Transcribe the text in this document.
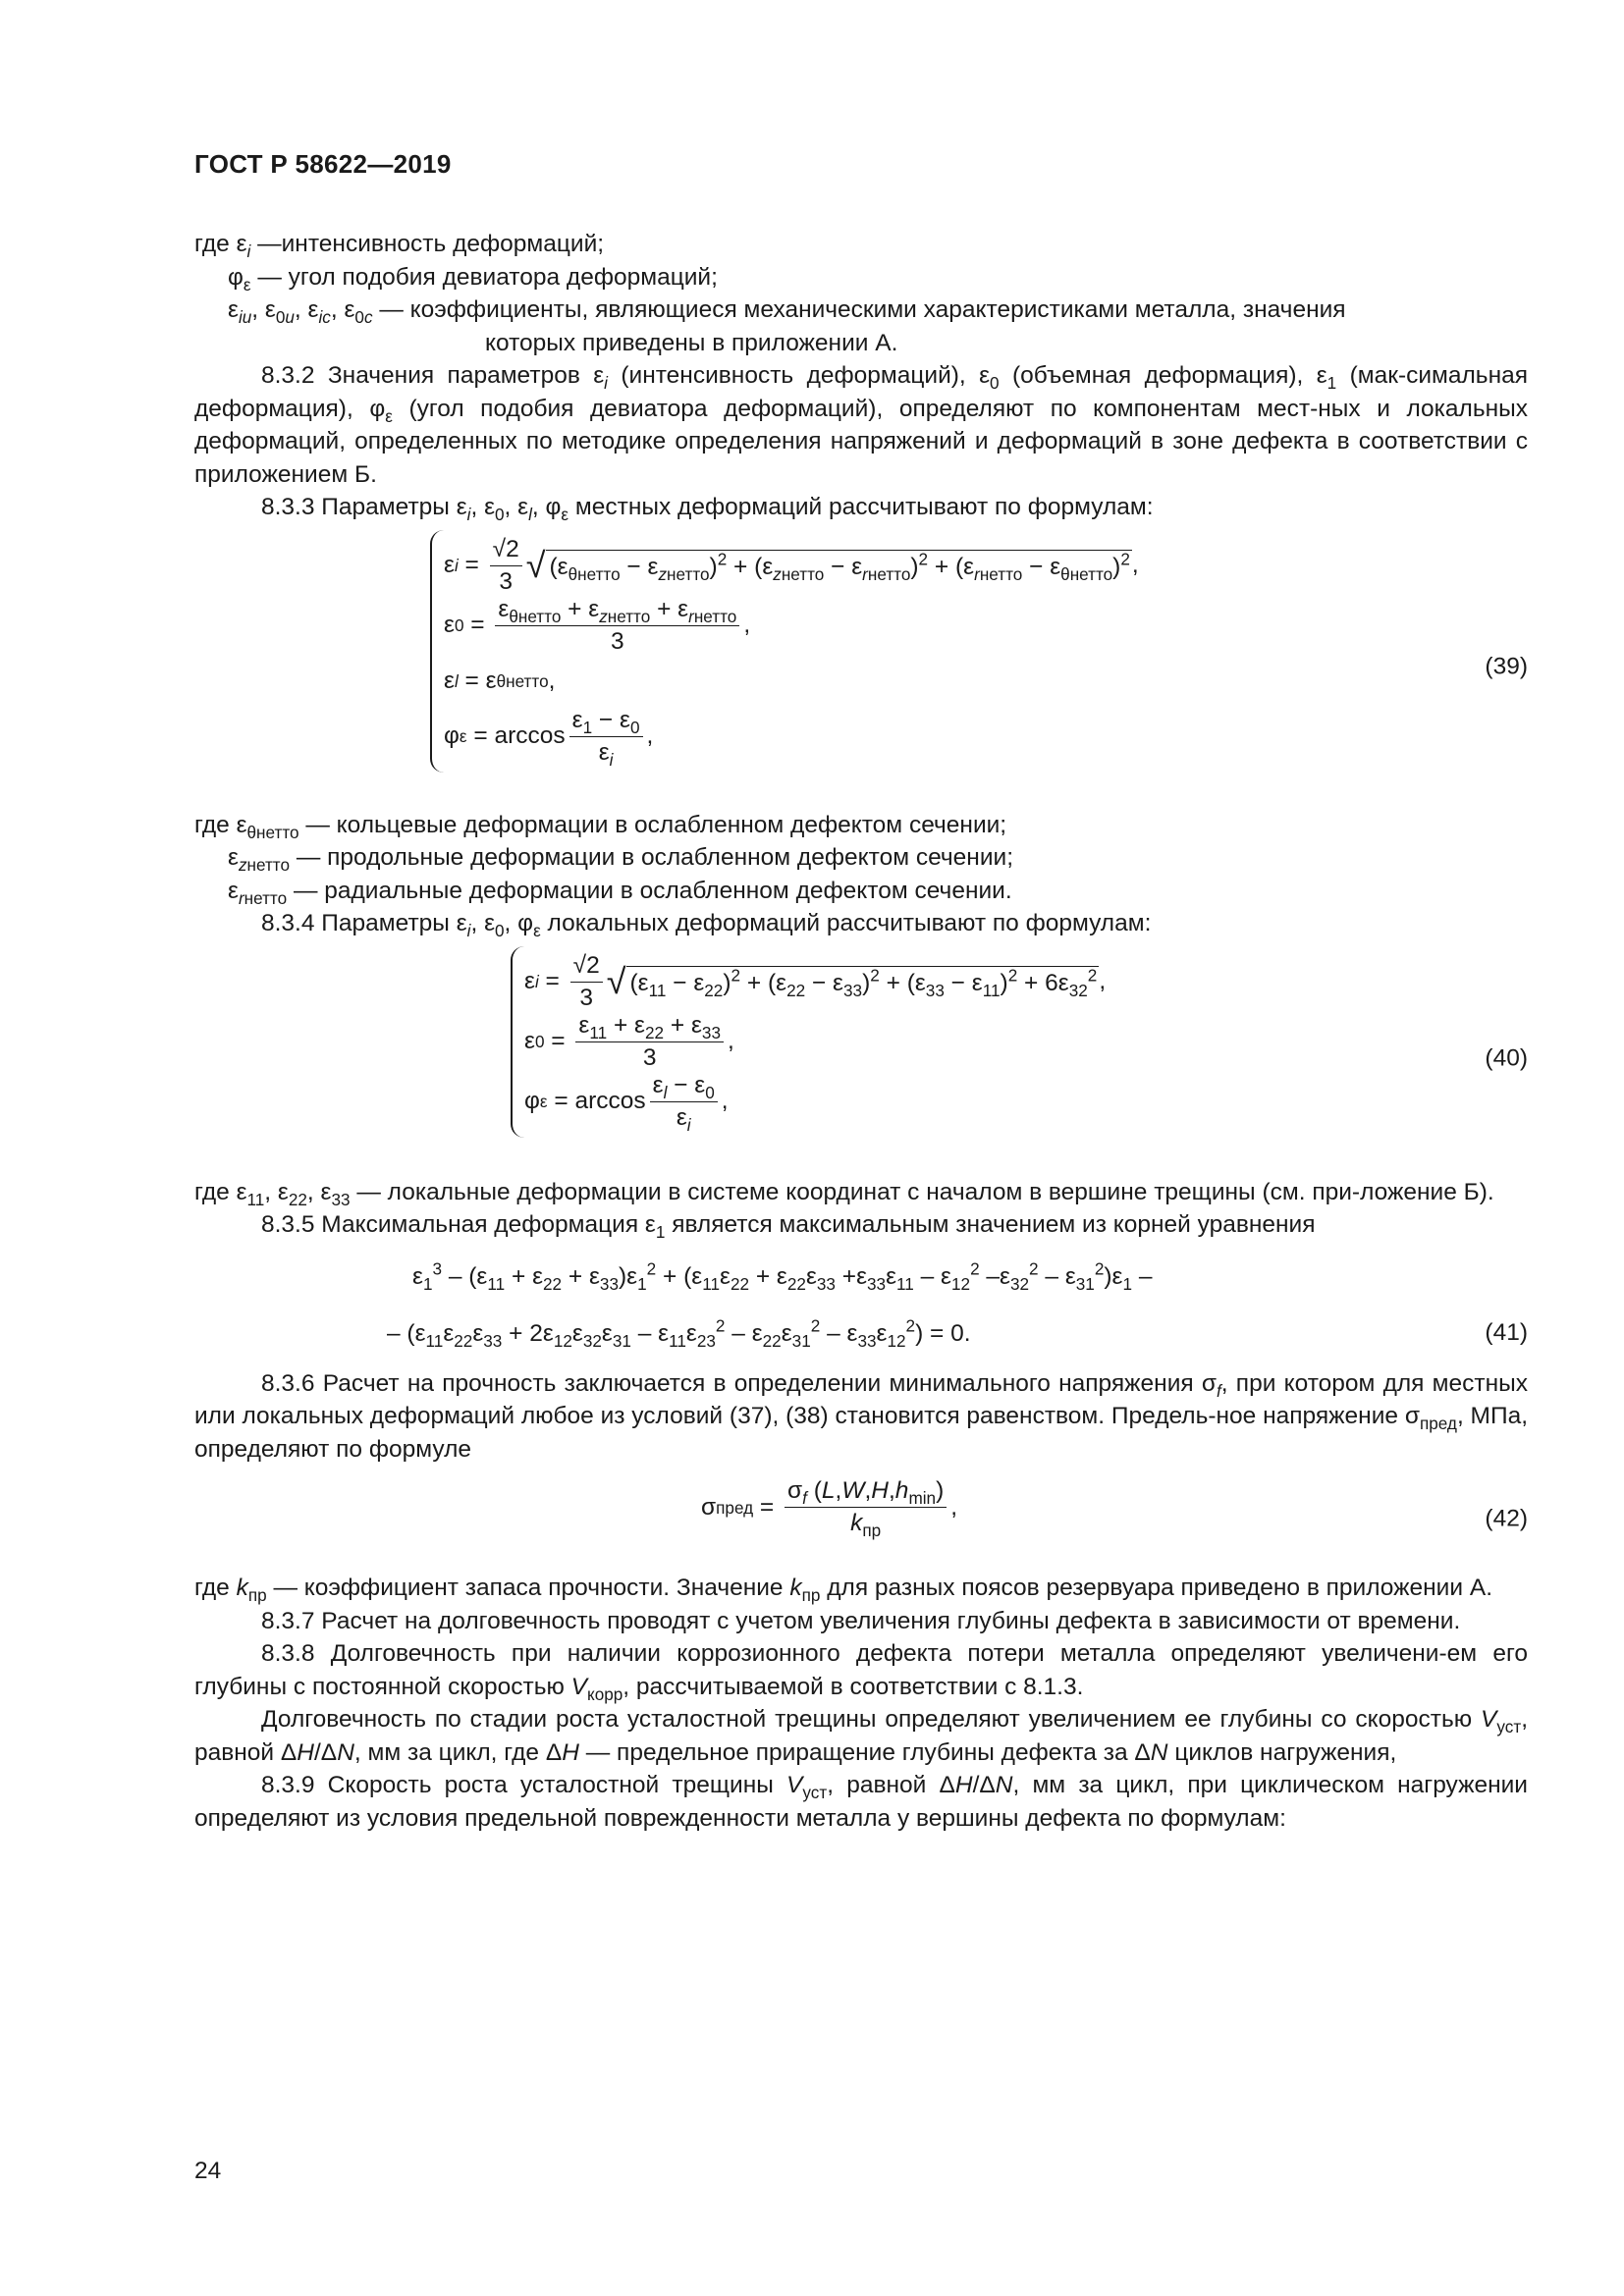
ГОСТ Р 58622—2019

где $\varepsilon_i$ —интенсивность деформаций;

$\varphi_\varepsilon$ — угол подобия девиатора деформаций;

$\varepsilon_{iu}$, $\varepsilon_{0u}$, $\varepsilon_{ic}$, $\varepsilon_{0c}$ — коэффициенты, являющиеся механическими характеристиками металла, значения

которых приведены в приложении А.

8.3.2 Значения параметров $\varepsilon_i$ (интенсивность деформаций), $\varepsilon_0$ (объемная деформация), $\varepsilon_1$ (мак-симальная деформация), $\varphi_\varepsilon$ (угол подобия девиатора деформаций), определяют по компонентам мест-ных и локальных деформаций, определенных по методике определения напряжений и деформаций в зоне дефекта в соответствии с приложением Б.

8.3.3 Параметры $\varepsilon_i$, $\varepsilon_0$, $\varepsilon_l$, $\varphi_\varepsilon$ местных деформаций рассчитывают по формулам:

ε $i = \frac{√2}{3}$ √ $(\varepsilon_{\theta нетто} - \varepsilon_{zнетто})^2 + (\varepsilon_{zнетто} - \varepsilon_{rнетто})^2 + (\varepsilon_{rнетто} - \varepsilon_{\theta нетто})^2$ ,
ε $0 = \frac{\varepsilon_{\theta нетто} + \varepsilon_{zнетто} + \varepsilon_{rнетто}}{3}$ ,
ε l = ε θнетто ,
φ $\varepsilon = \arccos \frac{\varepsilon_1 - \varepsilon_0}{\varepsilon_i}$ ,
(39)

где $\varepsilon_{\theta нетто}$ — кольцевые деформации в ослабленном дефектом сечении;

$\varepsilon_{zнетто}$ — продольные деформации в ослабленном дефектом сечении;

$\varepsilon_{rнетто}$ — радиальные деформации в ослабленном дефектом сечении.

8.3.4 Параметры $\varepsilon_i$, $\varepsilon_0$, $\varphi_\varepsilon$ локальных деформаций рассчитывают по формулам:

ε $i = \frac{√2}{3}$ √ $(\varepsilon_{11} - \varepsilon_{22})^2 + (\varepsilon_{22} - \varepsilon_{33})^2 + (\varepsilon_{33} - \varepsilon_{11})^2 + 6\varepsilon_{32}^2$ ,
ε $0 = \frac{\varepsilon_{11} + \varepsilon_{22} + \varepsilon_{33}}{3}$ ,
φ $\varepsilon = \arccos \frac{\varepsilon_l - \varepsilon_0}{\varepsilon_i}$ ,
(40)

где $\varepsilon_{11}$, $\varepsilon_{22}$, $\varepsilon_{33}$ — локальные деформации в системе координат с началом в вершине трещины (см. при-ложение Б).

8.3.5 Максимальная деформация $\varepsilon_1$ является максимальным значением из корней уравнения

$\varepsilon_1^3 - (\varepsilon_{11} + \varepsilon_{22} + \varepsilon_{33})\varepsilon_1^2 + (\varepsilon_{11}\varepsilon_{22} + \varepsilon_{22}\varepsilon_{33} +\varepsilon_{33}\varepsilon_{11} - \varepsilon_{12}^2$ $-\varepsilon_{32}^2 - \varepsilon_{31}^2)\varepsilon_1$ –

– $(\varepsilon_{11}\varepsilon_{22}\varepsilon_{33} + 2\varepsilon_{12}\varepsilon_{32}\varepsilon_{31} - \varepsilon_{11}\varepsilon_{23}^2 - \varepsilon_{22}\varepsilon_{31}^2 - \varepsilon_{33}\varepsilon_{12}^2) = 0$.	(41)

8.3.6 Расчет на прочность заключается в определении минимального напряжения $\sigma_f$, при котором для местных или локальных деформаций любое из условий (37), (38) становится равенством. Предель-ное напряжение $\sigma_{пред}$, МПа, определяют по формуле

σ пред = $\frac{\sigma_f (L,W,H,h_{min})}{k_{пр}}$ ,	(42)

где $k_{пр}$ — коэффициент запаса прочности. Значение $k_{пр}$ для разных поясов резервуара приведено в приложении А.

8.3.7 Расчет на долговечность проводят с учетом увеличения глубины дефекта в зависимости от времени.

8.3.8 Долговечность при наличии коррозионного дефекта потери металла определяют увеличени-ем его глубины с постоянной скоростью $V_{корр}$, рассчитываемой в соответствии с 8.1.3.

Долговечность по стадии роста усталостной трещины определяют увеличением ее глубины со скоростью $V_{уст}$, равной ΔH/ΔN, мм за цикл, где ΔH — предельное приращение глубины дефекта за ΔN циклов нагружения,

8.3.9 Скорость роста усталостной трещины $V_{уст}$, равной ΔH/ΔN, мм за цикл, при циклическом нагружении определяют из условия предельной поврежденности металла у вершины дефекта по формулам:

24
